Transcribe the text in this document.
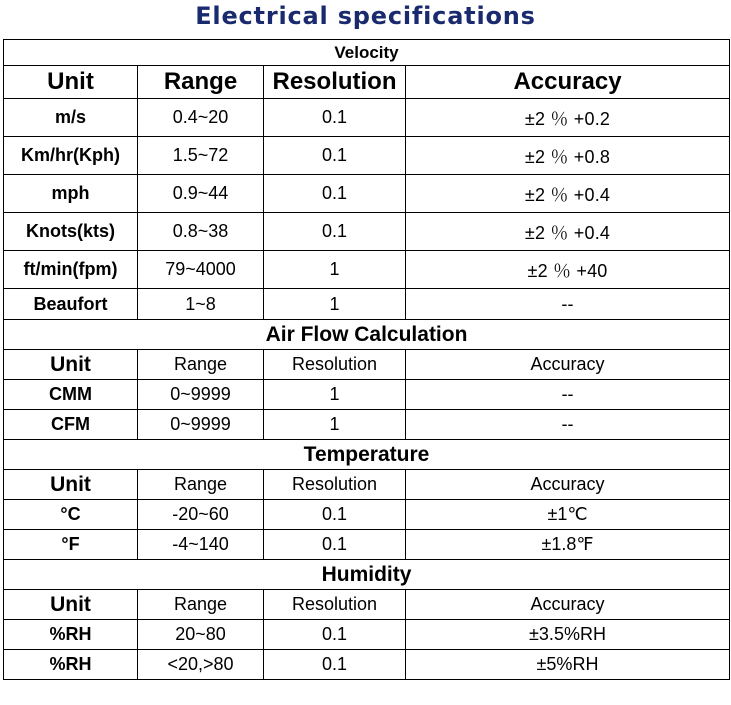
Electrical specifications
Velocity			
Unit	Range	Resolution	Accuracy
m/s	0.4~20	0.1	±2 ％ +0.2
Km/hr(Kph)	1.5~72	0.1	±2 ％ +0.8
mph	0.9~44	0.1	±2 ％ +0.4
Knots(kts)	0.8~38	0.1	±2 ％ +0.4
ft/min(fpm)	79~4000	1	±2 ％ +40
Beaufort	1~8	1	--
Air Flow Calculation			
Unit	Range	Resolution	Accuracy
CMM	0~9999	1	--
CFM	0~9999	1	--
Temperature			
Unit	Range	Resolution	Accuracy
°C	-20~60	0.1	±1℃
°F	-4~140	0.1	±1.8℉
Humidity			
Unit	Range	Resolution	Accuracy
%RH	20~80	0.1	±3.5%RH
%RH	<20,>80	0.1	±5%RH
